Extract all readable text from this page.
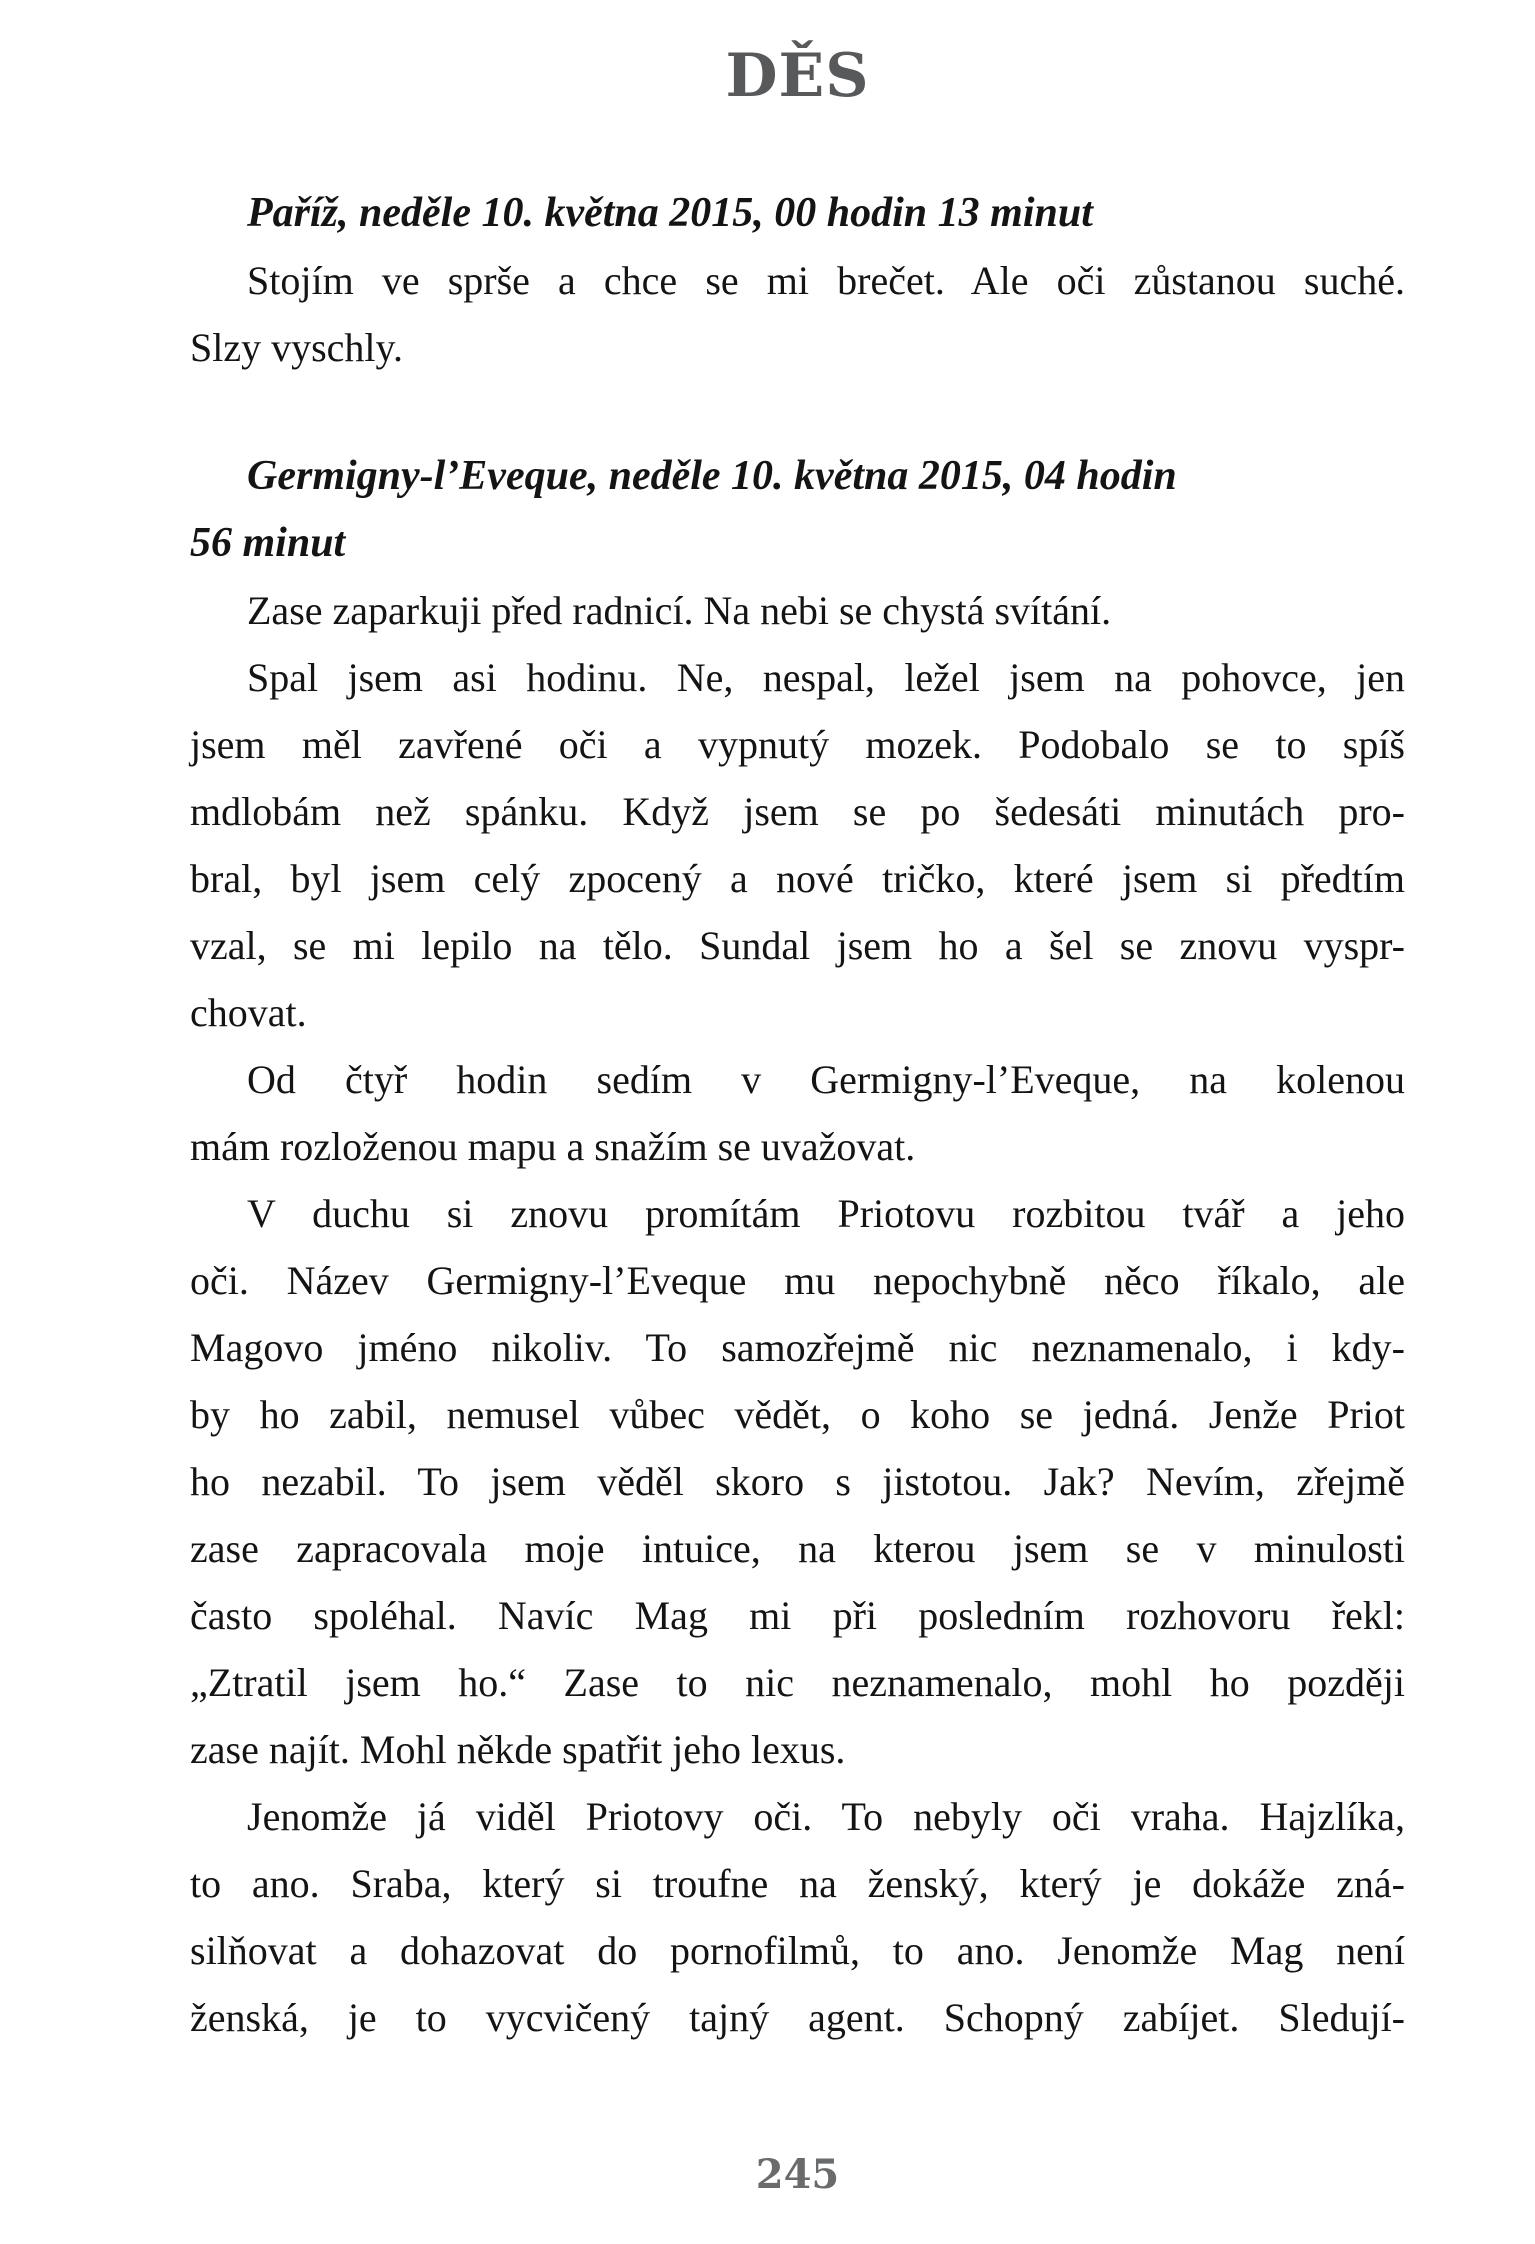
DĚS
Paříž, neděle 10. května 2015, 00 hodin 13 minut
Stojím ve sprše a chce se mi brečet. Ale oči zůstanou suché.
Slzy vyschly.
Germigny-l’Eveque, neděle 10. května 2015, 04 hodin
56 minut
Zase zaparkuji před radnicí. Na nebi se chystá svítání.
Spal jsem asi hodinu. Ne, nespal, ležel jsem na pohovce, jen
jsem měl zavřené oči a vypnutý mozek. Podobalo se to spíš
mdlobám než spánku. Když jsem se po šedesáti minutách pro-
bral, byl jsem celý zpocený a nové tričko, které jsem si předtím
vzal, se mi lepilo na tělo. Sundal jsem ho a šel se znovu vyspr-
chovat.
Od čtyř hodin sedím v Germigny-l’Eveque, na kolenou
mám rozloženou mapu a snažím se uvažovat.
V duchu si znovu promítám Priotovu rozbitou tvář a jeho
oči. Název Germigny-l’Eveque mu nepochybně něco říkalo, ale
Magovo jméno nikoliv. To samozřejmě nic neznamenalo, i kdy-
by ho zabil, nemusel vůbec vědět, o koho se jedná. Jenže Priot
ho nezabil. To jsem věděl skoro s jistotou. Jak? Nevím, zřejmě
zase zapracovala moje intuice, na kterou jsem se v minulosti
často spoléhal. Navíc Mag mi při posledním rozhovoru řekl:
„Ztratil jsem ho.“ Zase to nic neznamenalo, mohl ho později
zase najít. Mohl někde spatřit jeho lexus.
Jenomže já viděl Priotovy oči. To nebyly oči vraha. Hajzlíka,
to ano. Sraba, který si troufne na ženský, který je dokáže zná-
silňovat a dohazovat do pornofilmů, to ano. Jenomže Mag není
ženská, je to vycvičený tajný agent. Schopný zabíjet. Sledují-
245
